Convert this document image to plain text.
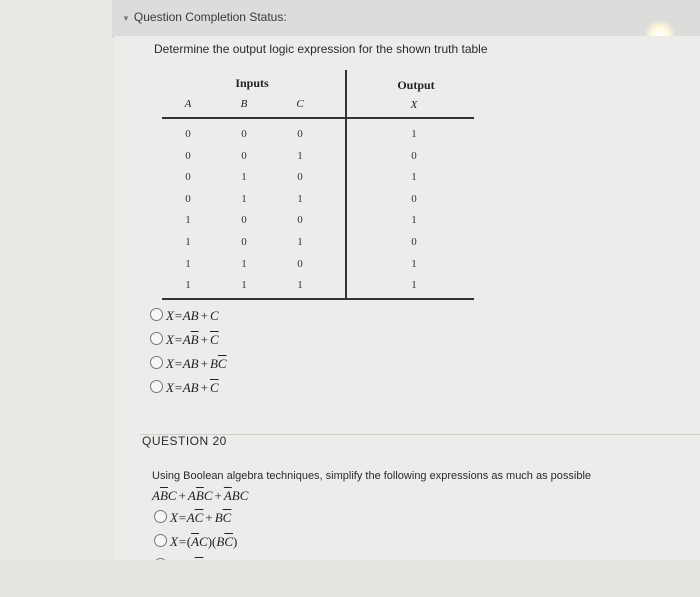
▼ Question Completion Status:
Determine the output logic expression for the shown truth table
Inputs	Output
A	B	C	X
0	0	0	1
0	0	1	0
0	1	0	1
0	1	1	0
1	0	0	1
1	0	1	0
1	1	0	1
1	1	1	1
X=AB + C
$X=A\overline{B} + \overline{C}$
$X=AB + B\overline{C}$
$X=AB + \overline{C}$
QUESTION 20
Using Boolean algebra techniques, simplify the following expressions as much as possible
$A\overline{B}C + A\overline{B}C + \overline{A}BC$
$X=A\overline{C} + B\overline{C}$
$X=(\overline{A}C)(B\overline{C})$
